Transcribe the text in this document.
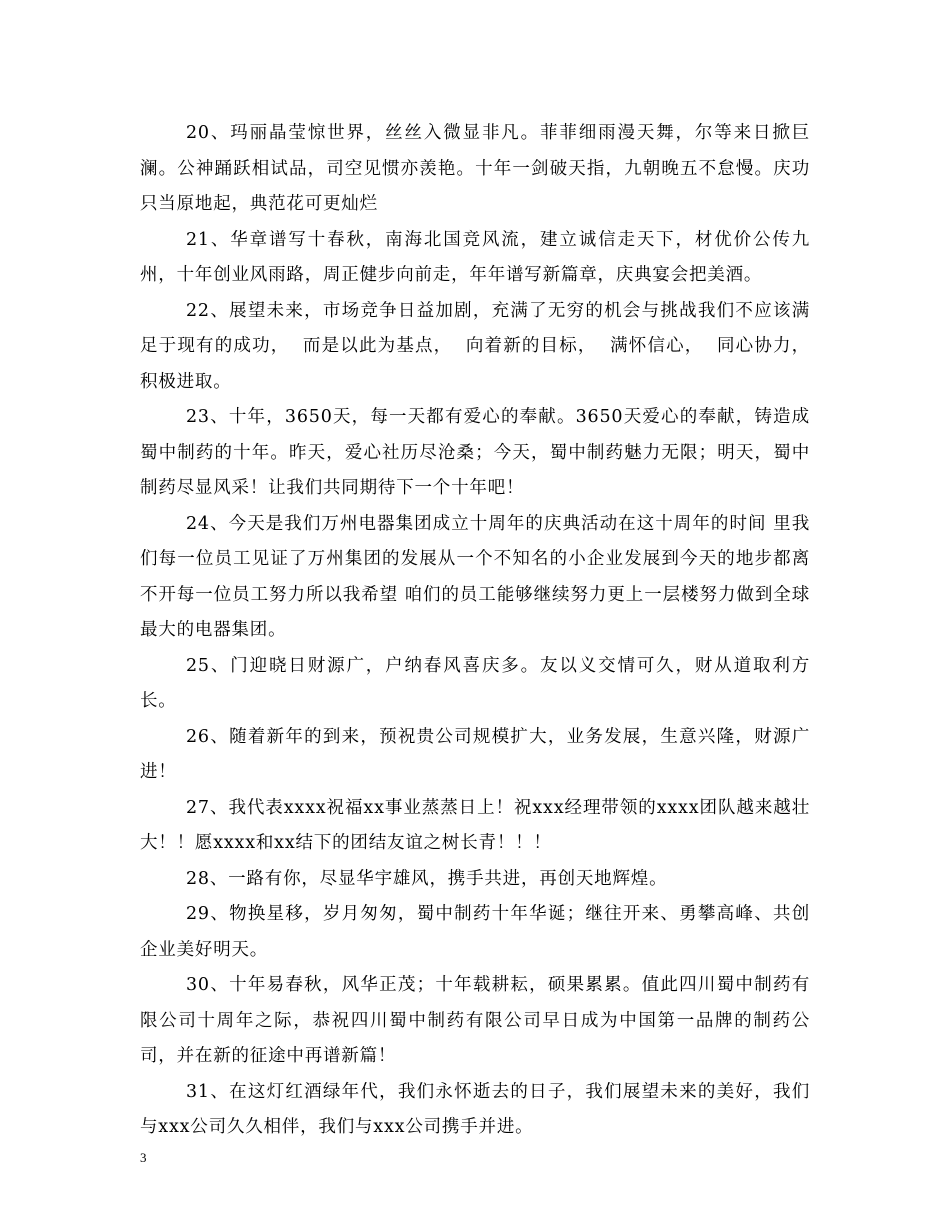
20、玛丽晶莹惊世界，丝丝入微显非凡。菲菲细雨漫天舞，尔等来日掀巨澜。公神踊跃相试品，司空见惯亦羡艳。十年一剑破天指，九朝晚五不怠慢。庆功只当原地起，典范花可更灿烂

21、华章谱写十春秋，南海北国竞风流，建立诚信走天下，材优价公传九州，十年创业风雨路，周正健步向前走，年年谱写新篇章，庆典宴会把美酒。

22、展望未来，市场竞争日益加剧，充满了无穷的机会与挑战我们不应该满足于现有的成功，  而是以此为基点，  向着新的目标，  满怀信心，  同心协力，积极进取。

23、十年，3650天，每一天都有爱心的奉献。3650天爱心的奉献，铸造成蜀中制药的十年。昨天，爱心社历尽沧桑；今天，蜀中制药魅力无限；明天，蜀中制药尽显风采！让我们共同期待下一个十年吧！

24、今天是我们万州电器集团成立十周年的庆典活动在这十周年的时间 里我们每一位员工见证了万州集团的发展从一个不知名的小企业发展到今天的地步都离不开每一位员工努力所以我希望 咱们的员工能够继续努力更上一层楼努力做到全球最大的电器集团。

25、门迎晓日财源广，户纳春风喜庆多。友以义交情可久，财从道取利方长。

26、随着新年的到来，预祝贵公司规模扩大，业务发展，生意兴隆，财源广进！

27、我代表xxxx祝福xx事业蒸蒸日上！祝xxx经理带领的xxxx团队越来越壮大！！愿xxxx和xx结下的团结友谊之树长青！！！

28、一路有你，尽显华宇雄风，携手共进，再创天地辉煌。

29、物换星移，岁月匆匆，蜀中制药十年华诞；继往开来、勇攀高峰、共创企业美好明天。

30、十年易春秋，风华正茂；十年载耕耘，硕果累累。值此四川蜀中制药有限公司十周年之际，恭祝四川蜀中制药有限公司早日成为中国第一品牌的制药公司，并在新的征途中再谱新篇！

31、在这灯红酒绿年代，我们永怀逝去的日子，我们展望未来的美好，我们与xxx公司久久相伴，我们与xxx公司携手并进。

3
